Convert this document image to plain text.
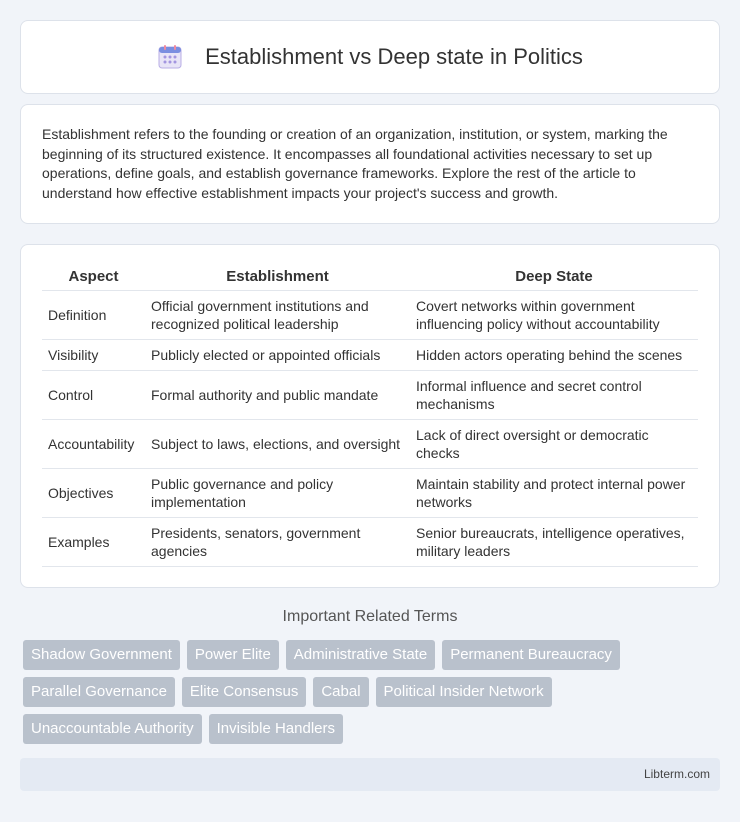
Establishment vs Deep state in Politics

Establishment refers to the founding or creation of an organization, institution, or system, marking the beginning of its structured existence. It encompasses all foundational activities necessary to set up operations, define goals, and establish governance frameworks. Explore the rest of the article to understand how effective establishment impacts your project's success and growth.

Aspect	Establishment	Deep State
Definition	Official government institutions and recognized political leadership	Covert networks within government influencing policy without accountability
Visibility	Publicly elected or appointed officials	Hidden actors operating behind the scenes
Control	Formal authority and public mandate	Informal influence and secret control mechanisms
Accountability	Subject to laws, elections, and oversight	Lack of direct oversight or democratic checks
Objectives	Public governance and policy implementation	Maintain stability and protect internal power networks
Examples	Presidents, senators, government agencies	Senior bureaucrats, intelligence operatives, military leaders
Important Related Terms
Shadow Government	Power Elite	Administrative State	Permanent Bureaucracy
Parallel Governance	Elite Consensus	Cabal	Political Insider Network
Unaccountable Authority	Invisible Handlers
Libterm.com
